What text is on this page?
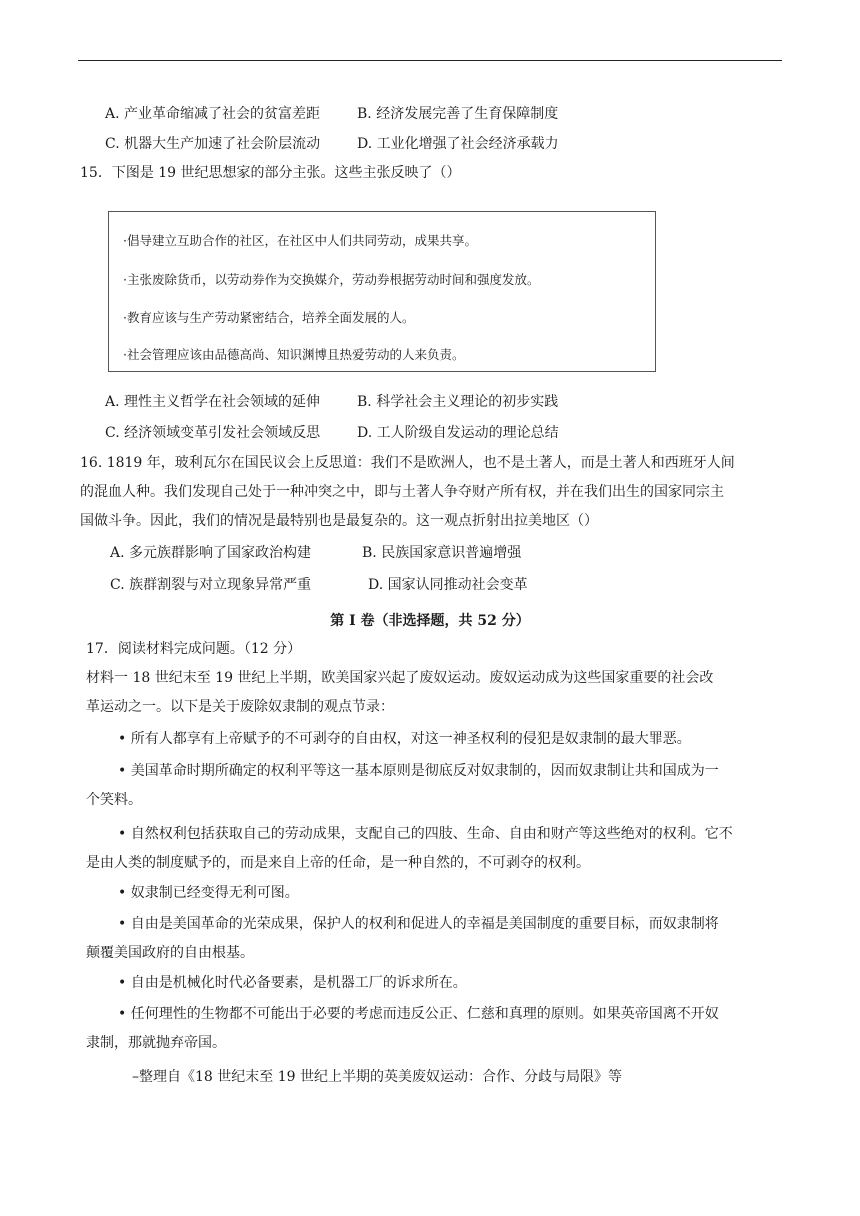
A. 产业革命缩减了社会的贫富差距	B. 经济发展完善了生育保障制度
C. 机器大生产加速了社会阶层流动	D. 工业化增强了社会经济承载力
15．下图是 19 世纪思想家的部分主张。这些主张反映了（）
·倡导建立互助合作的社区，在社区中人们共同劳动，成果共享。
·主张废除货币，以劳动券作为交换媒介，劳动券根据劳动时间和强度发放。
·教育应该与生产劳动紧密结合，培养全面发展的人。
·社会管理应该由品德高尚、知识渊博且热爱劳动的人来负责。
A. 理性主义哲学在社会领域的延伸	B. 科学社会主义理论的初步实践
C. 经济领域变革引发社会领域反思	D. 工人阶级自发运动的理论总结
16. 1819 年，玻利瓦尔在国民议会上反思道：我们不是欧洲人，也不是土著人，而是土著人和西班牙人间
的混血人种。我们发现自己处于一种冲突之中，即与土著人争夺财产所有权，并在我们出生的国家同宗主
国做斗争。因此，我们的情况是最特别也是最复杂的。这一观点折射出拉美地区（）
A. 多元族群影响了国家政治构建	B. 民族国家意识普遍增强
C. 族群割裂与对立现象异常严重	D. 国家认同推动社会变革
第 I 卷（非选择题，共 52 分）
17．阅读材料完成问题。（12 分）
材料一 18 世纪末至 19 世纪上半期，欧美国家兴起了废奴运动。废奴运动成为这些国家重要的社会改
革运动之一。以下是关于废除奴隶制的观点节录：
• 所有人都享有上帝赋予的不可剥夺的自由权，对这一神圣权利的侵犯是奴隶制的最大罪恶。
• 美国革命时期所确定的权利平等这一基本原则是彻底反对奴隶制的，因而奴隶制让共和国成为一
个笑料。
• 自然权利包括获取自己的劳动成果，支配自己的四肢、生命、自由和财产等这些绝对的权利。它不
是由人类的制度赋予的，而是来自上帝的任命，是一种自然的，不可剥夺的权利。
• 奴隶制已经变得无利可图。
• 自由是美国革命的光荣成果，保护人的权利和促进人的幸福是美国制度的重要目标，而奴隶制将
颠覆美国政府的自由根基。
• 自由是机械化时代必备要素，是机器工厂的诉求所在。
• 任何理性的生物都不可能出于必要的考虑而违反公正、仁慈和真理的原则。如果英帝国离不开奴
隶制，那就抛弃帝国。
–整理自《18 世纪末至 19 世纪上半期的英美废奴运动：合作、分歧与局限》等
